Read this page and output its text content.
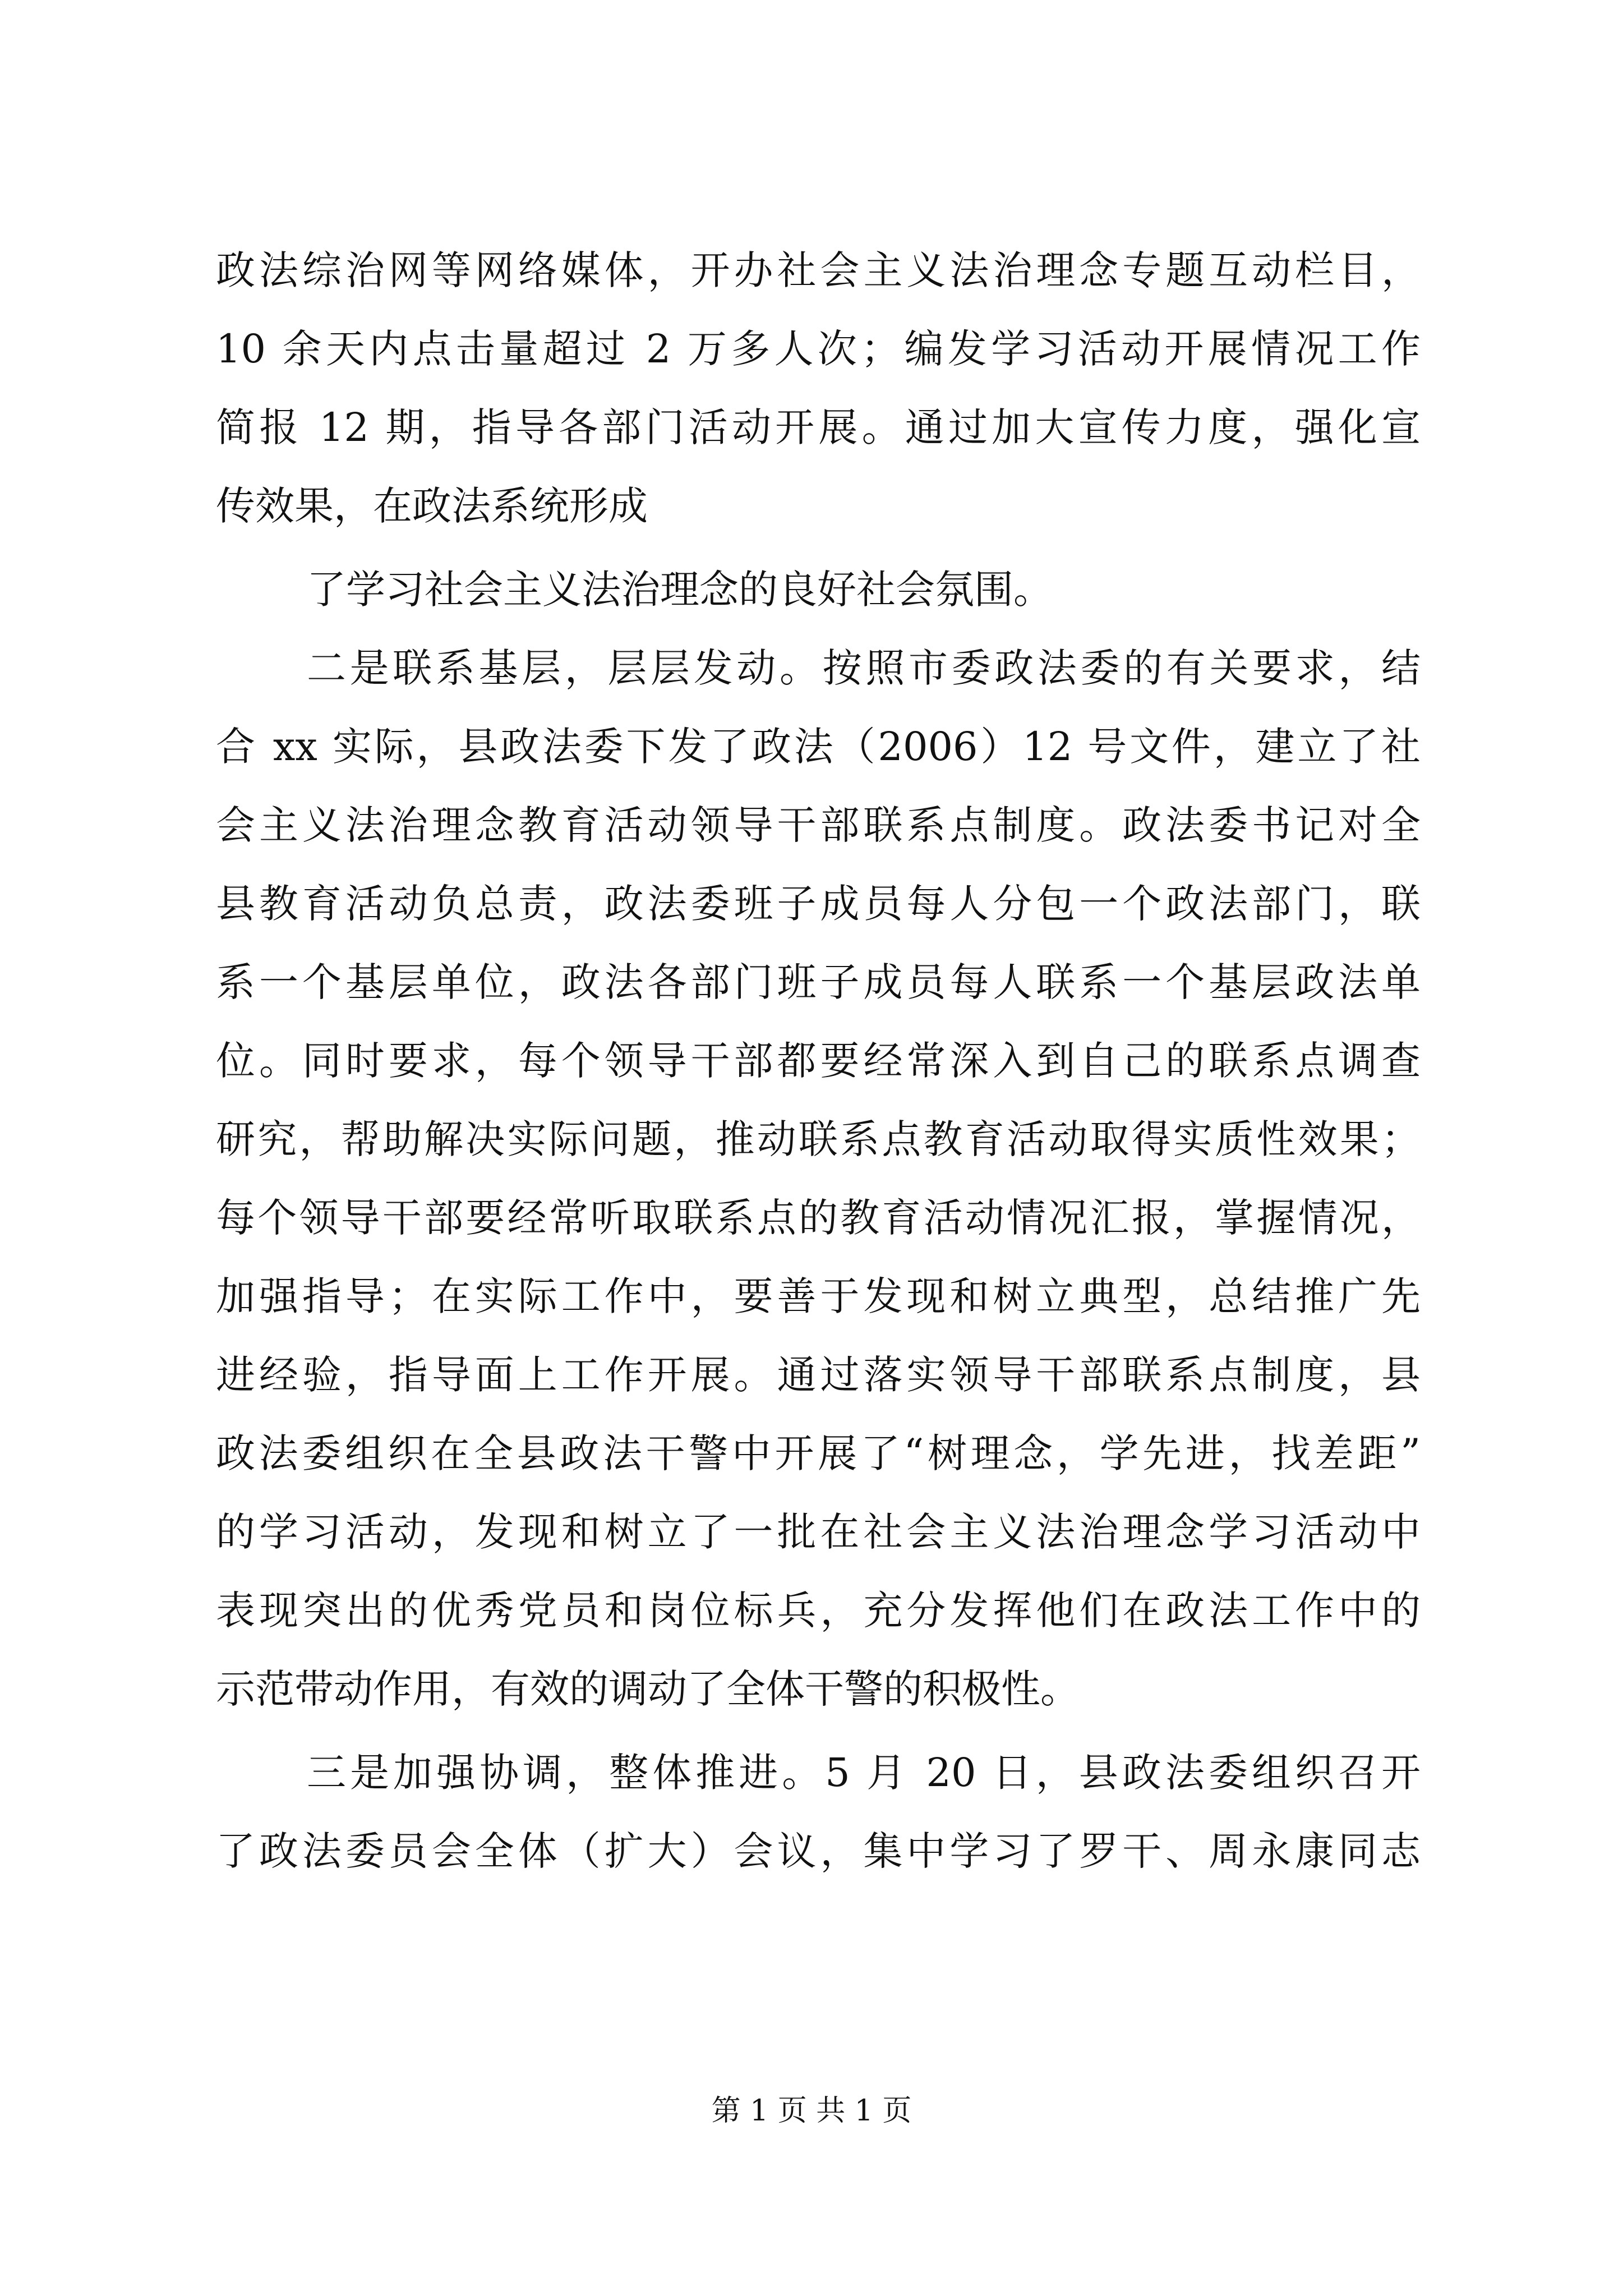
政法综治网等网络媒体，开办社会主义法治理念专题互动栏目，
10 余天内点击量超过 2 万多人次；编发学习活动开展情况工作
简报 12 期，指导各部门活动开展。通过加大宣传力度，强化宣
传效果，在政法系统形成
了学习社会主义法治理念的良好社会氛围。
二是联系基层，层层发动。按照市委政法委的有关要求，结
合 xx 实际，县政法委下发了政法（2006）12 号文件，建立了社
会主义法治理念教育活动领导干部联系点制度。政法委书记对全
县教育活动负总责，政法委班子成员每人分包一个政法部门，联
系一个基层单位，政法各部门班子成员每人联系一个基层政法单
位。同时要求，每个领导干部都要经常深入到自己的联系点调查
研究，帮助解决实际问题，推动联系点教育活动取得实质性效果；
每个领导干部要经常听取联系点的教育活动情况汇报，掌握情况，
加强指导；在实际工作中，要善于发现和树立典型，总结推广先
进经验，指导面上工作开展。通过落实领导干部联系点制度，县
政法委组织在全县政法干警中开展了“树理念，学先进，找差距”
的学习活动，发现和树立了一批在社会主义法治理念学习活动中
表现突出的优秀党员和岗位标兵，充分发挥他们在政法工作中的
示范带动作用，有效的调动了全体干警的积极性。
三是加强协调，整体推进。5 月 20 日，县政法委组织召开
了政法委员会全体（扩大）会议，集中学习了罗干、周永康同志
第 1 页 共 1 页
